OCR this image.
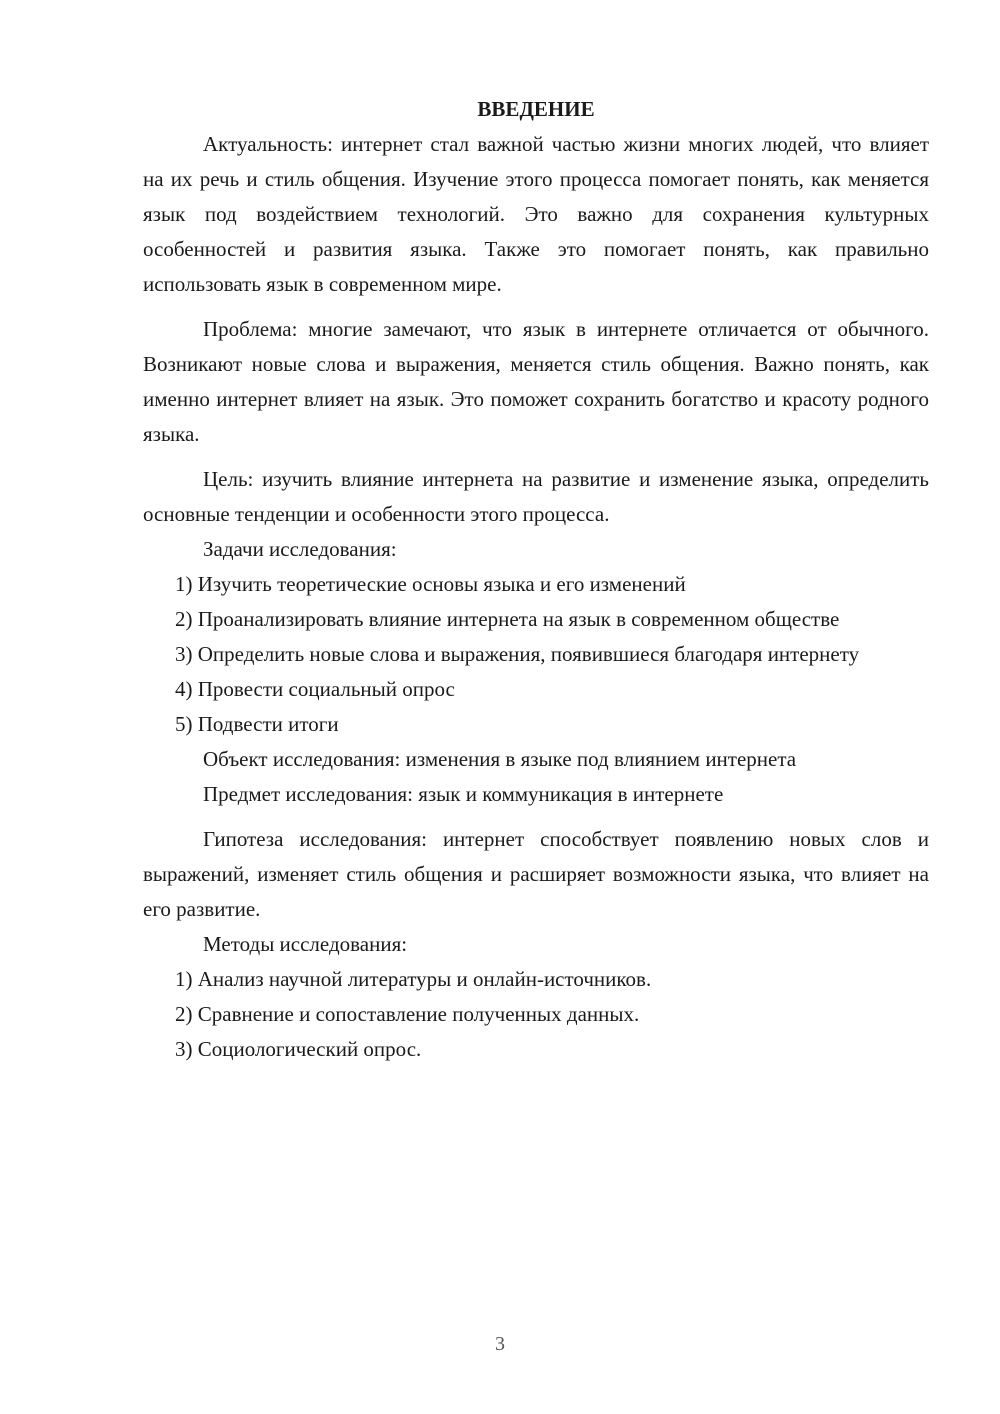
ВВЕДЕНИЕ

Актуальность: интернет стал важной частью жизни многих людей, что влияет на их речь и стиль общения. Изучение этого процесса помогает понять, как меняется язык под воздействием технологий. Это важно для сохранения культурных особенностей и развития языка. Также это помогает понять, как правильно использовать язык в современном мире.

Проблема: многие замечают, что язык в интернете отличается от обычного. Возникают новые слова и выражения, меняется стиль общения. Важно понять, как именно интернет влияет на язык. Это поможет сохранить богатство и красоту родного языка.

Цель: изучить влияние интернета на развитие и изменение языка, определить основные тенденции и особенности этого процесса.

Задачи исследования:

1) Изучить теоретические основы языка и его изменений

2) Проанализировать влияние интернета на язык в современном обществе

3) Определить новые слова и выражения, появившиеся благодаря интернету

4) Провести социальный опрос

5) Подвести итоги

Объект исследования: изменения в языке под влиянием интернета

Предмет исследования: язык и коммуникация в интернете

Гипотеза исследования: интернет способствует появлению новых слов и выражений, изменяет стиль общения и расширяет возможности языка, что влияет на его развитие.

Методы исследования:

1) Анализ научной литературы и онлайн-источников.

2) Сравнение и сопоставление полученных данных.

3) Социологический опрос.

3
